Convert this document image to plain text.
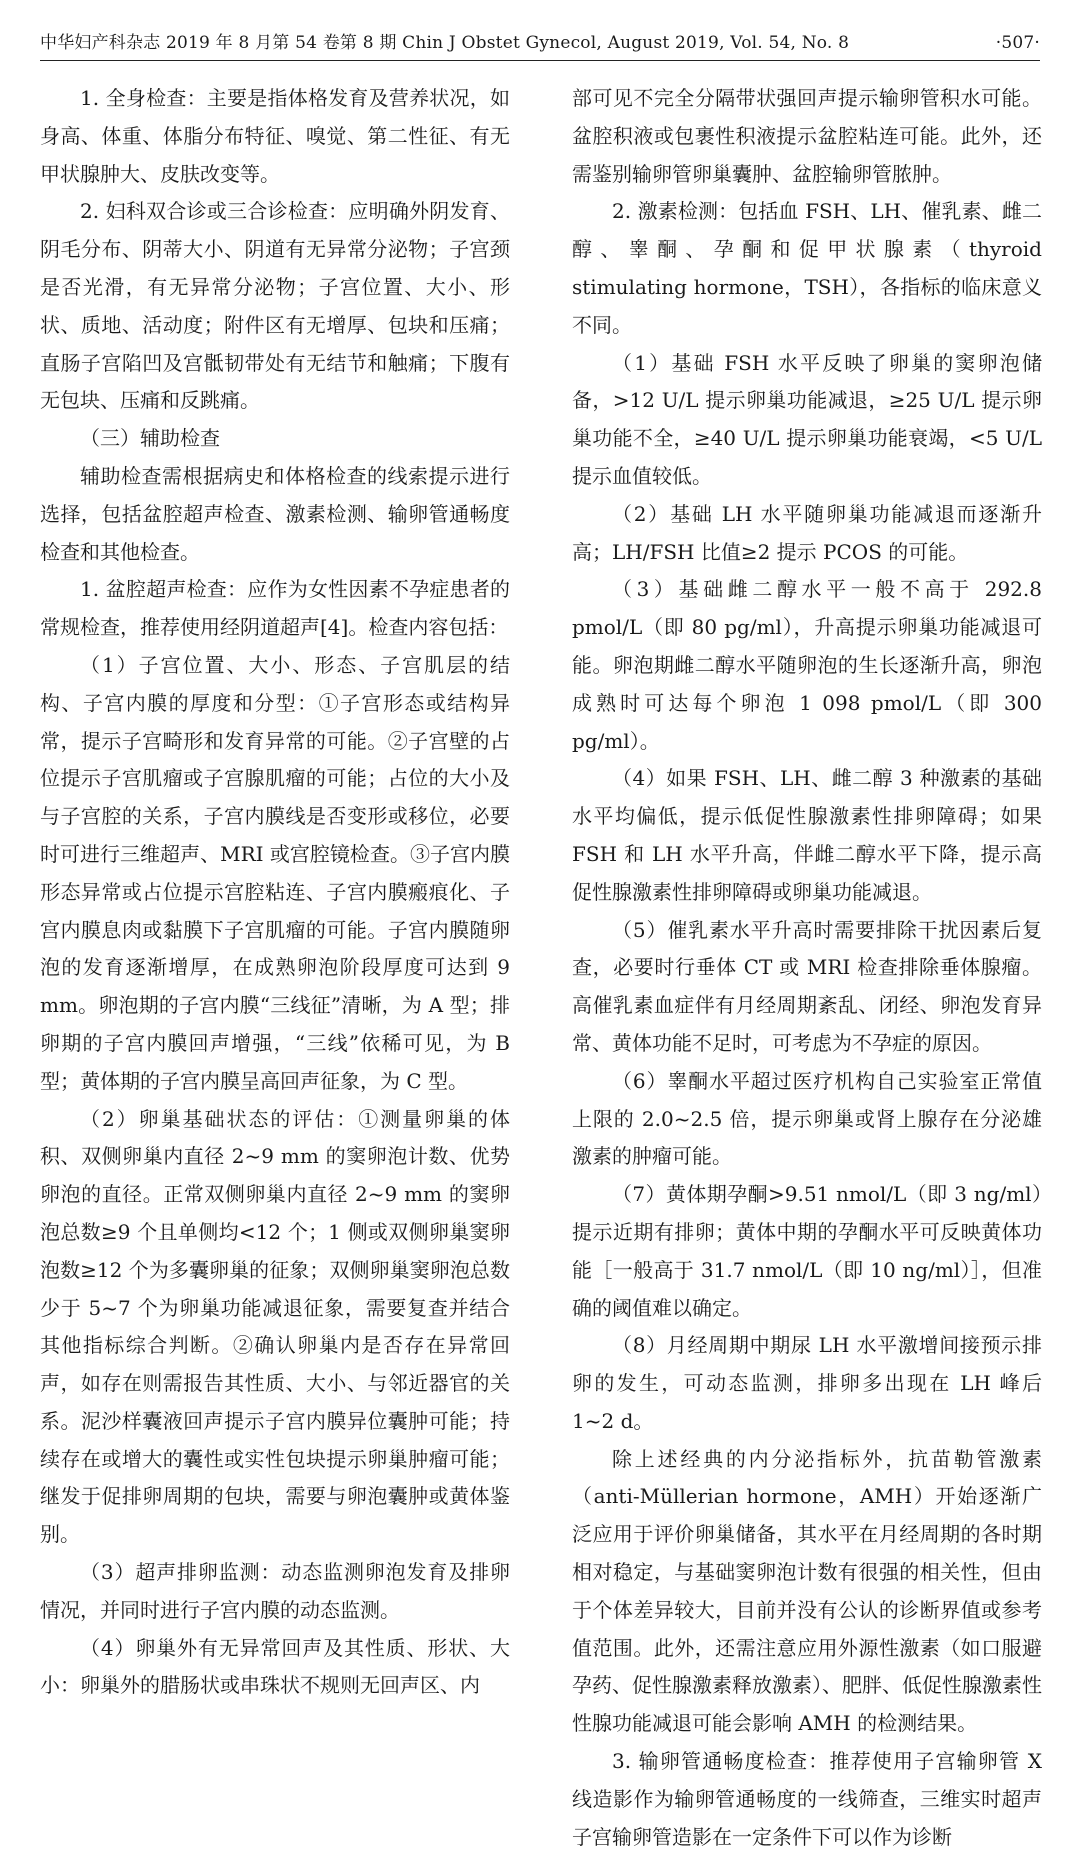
中华妇产科杂志 2019 年 8 月第 54 卷第 8 期 Chin J Obstet Gynecol, August 2019, Vol. 54, No. 8	·507·

1. 全身检查：主要是指体格发育及营养状况，如身高、体重、体脂分布特征、嗅觉、第二性征、有无甲状腺肿大、皮肤改变等。

2. 妇科双合诊或三合诊检查：应明确外阴发育、阴毛分布、阴蒂大小、阴道有无异常分泌物；子宫颈是否光滑，有无异常分泌物；子宫位置、大小、形状、质地、活动度；附件区有无增厚、包块和压痛；直肠子宫陷凹及宫骶韧带处有无结节和触痛；下腹有无包块、压痛和反跳痛。

（三）辅助检查

辅助检查需根据病史和体格检查的线索提示进行选择，包括盆腔超声检查、激素检测、输卵管通畅度检查和其他检查。

1. 盆腔超声检查：应作为女性因素不孕症患者的常规检查，推荐使用经阴道超声[4]。检查内容包括：

（1）子宫位置、大小、形态、子宫肌层的结构、子宫内膜的厚度和分型：①子宫形态或结构异常，提示子宫畸形和发育异常的可能。②子宫壁的占位提示子宫肌瘤或子宫腺肌瘤的可能；占位的大小及与子宫腔的关系，子宫内膜线是否变形或移位，必要时可进行三维超声、MRI 或宫腔镜检查。③子宫内膜形态异常或占位提示宫腔粘连、子宫内膜瘢痕化、子宫内膜息肉或黏膜下子宫肌瘤的可能。子宫内膜随卵泡的发育逐渐增厚，在成熟卵泡阶段厚度可达到 9 mm。卵泡期的子宫内膜“三线征”清晰，为 A 型；排卵期的子宫内膜回声增强，“三线”依稀可见，为 B 型；黄体期的子宫内膜呈高回声征象，为 C 型。

（2）卵巢基础状态的评估：①测量卵巢的体积、双侧卵巢内直径 2~9 mm 的窦卵泡计数、优势卵泡的直径。正常双侧卵巢内直径 2~9 mm 的窦卵泡总数≥9 个且单侧均<12 个；1 侧或双侧卵巢窦卵泡数≥12 个为多囊卵巢的征象；双侧卵巢窦卵泡总数少于 5~7 个为卵巢功能减退征象，需要复查并结合其他指标综合判断。②确认卵巢内是否存在异常回声，如存在则需报告其性质、大小、与邻近器官的关系。泥沙样囊液回声提示子宫内膜异位囊肿可能；持续存在或增大的囊性或实性包块提示卵巢肿瘤可能；继发于促排卵周期的包块，需要与卵泡囊肿或黄体鉴别。

（3）超声排卵监测：动态监测卵泡发育及排卵情况，并同时进行子宫内膜的动态监测。

（4）卵巢外有无异常回声及其性质、形状、大小：卵巢外的腊肠状或串珠状不规则无回声区、内

部可见不完全分隔带状强回声提示输卵管积水可能。盆腔积液或包裹性积液提示盆腔粘连可能。此外，还需鉴别输卵管卵巢囊肿、盆腔输卵管脓肿。

2. 激素检测：包括血 FSH、LH、催乳素、雌二醇、睾酮、孕酮和促甲状腺素（thyroid stimulating hormone，TSH），各指标的临床意义不同。

（1）基础 FSH 水平反映了卵巢的窦卵泡储备，>12 U/L 提示卵巢功能减退，≥25 U/L 提示卵巢功能不全，≥40 U/L 提示卵巢功能衰竭，<5 U/L 提示血值较低。

（2）基础 LH 水平随卵巢功能减退而逐渐升高；LH/FSH 比值≥2 提示 PCOS 的可能。

（3）基础雌二醇水平一般不高于 292.8 pmol/L（即 80 pg/ml），升高提示卵巢功能减退可能。卵泡期雌二醇水平随卵泡的生长逐渐升高，卵泡成熟时可达每个卵泡 1 098 pmol/L（即 300 pg/ml）。

（4）如果 FSH、LH、雌二醇 3 种激素的基础水平均偏低，提示低促性腺激素性排卵障碍；如果 FSH 和 LH 水平升高，伴雌二醇水平下降，提示高促性腺激素性排卵障碍或卵巢功能减退。

（5）催乳素水平升高时需要排除干扰因素后复查，必要时行垂体 CT 或 MRI 检查排除垂体腺瘤。高催乳素血症伴有月经周期紊乱、闭经、卵泡发育异常、黄体功能不足时，可考虑为不孕症的原因。

（6）睾酮水平超过医疗机构自己实验室正常值上限的 2.0~2.5 倍，提示卵巢或肾上腺存在分泌雄激素的肿瘤可能。

（7）黄体期孕酮>9.51 nmol/L（即 3 ng/ml）提示近期有排卵；黄体中期的孕酮水平可反映黄体功能［一般高于 31.7 nmol/L（即 10 ng/ml）］，但准确的阈值难以确定。

（8）月经周期中期尿 LH 水平激增间接预示排卵的发生，可动态监测，排卵多出现在 LH 峰后 1~2 d。

除上述经典的内分泌指标外，抗苗勒管激素（anti-Müllerian hormone，AMH）开始逐渐广泛应用于评价卵巢储备，其水平在月经周期的各时期相对稳定，与基础窦卵泡计数有很强的相关性，但由于个体差异较大，目前并没有公认的诊断界值或参考值范围。此外，还需注意应用外源性激素（如口服避孕药、促性腺激素释放激素）、肥胖、低促性腺激素性性腺功能减退可能会影响 AMH 的检测结果。

3. 输卵管通畅度检查：推荐使用子宫输卵管 X 线造影作为输卵管通畅度的一线筛查，三维实时超声子宫输卵管造影在一定条件下可以作为诊断
